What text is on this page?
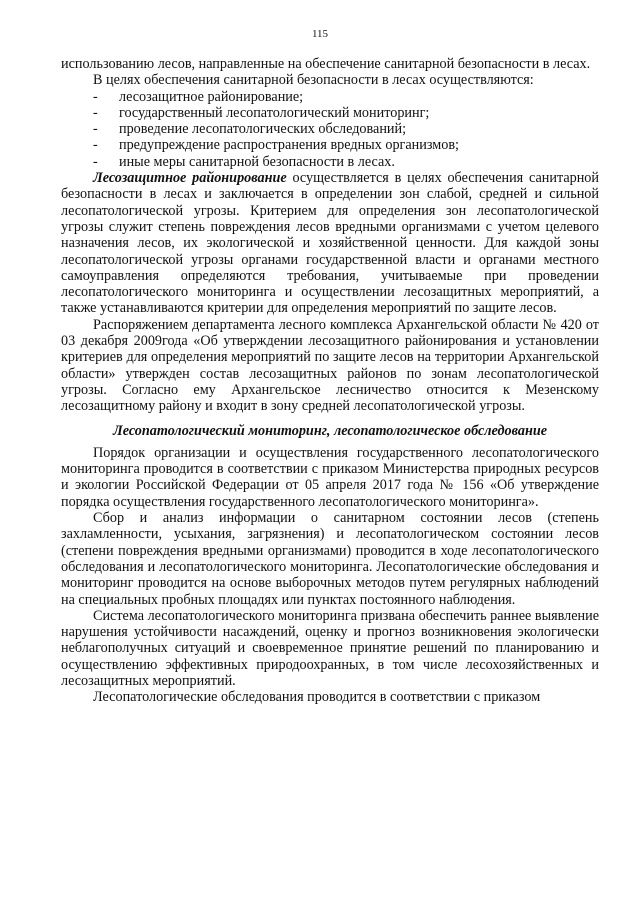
115

использованию лесов, направленные на обеспечение санитарной безопасности в лесах.

В целях обеспечения санитарной безопасности в лесах осуществляются:

-	лесозащитное районирование;
-	государственный лесопатологический мониторинг;
-	проведение лесопатологических обследований;
-	предупреждение распространения вредных организмов;
-	иные меры санитарной безопасности в лесах.

Лесозащитное районирование осуществляется в целях обеспечения санитарной безопасности в лесах и заключается в определении зон слабой, средней и сильной лесопатологической угрозы. Критерием для определения зон лесопатологической угрозы служит степень повреждения лесов вредными организмами с учетом целевого назначения лесов, их экологической и хозяйственной ценности. Для каждой зоны лесопатологической угрозы органами государственной власти и органами местного самоуправления определяются требования, учитываемые при проведении лесопатологического мониторинга и осуществлении лесозащитных мероприятий, а также устанавливаются критерии для определения мероприятий по защите лесов.

Распоряжением департамента лесного комплекса Архангельской области № 420 от 03 декабря 2009года «Об утверждении лесозащитного районирования и установлении критериев для определения мероприятий по защите лесов на территории Архангельской области» утвержден состав лесозащитных районов по зонам лесопатологической угрозы. Согласно ему Архангельское лесничество относится к Мезенскому лесозащитному району и входит в зону средней лесопатологической угрозы.

Лесопатологический мониторинг, лесопатологическое обследование

Порядок организации и осуществления государственного лесопатологического мониторинга проводится в соответствии с приказом Министерства природных ресурсов и экологии Российской Федерации от 05 апреля 2017 года № 156 «Об утверждение порядка осуществления государственного лесопатологического мониторинга».

Сбор и анализ информации о санитарном состоянии лесов (степень захламленности, усыхания, загрязнения) и лесопатологическом состоянии лесов (степени повреждения вредными организмами) проводится в ходе лесопатологического обследования и лесопатологического мониторинга. Лесопатологические обследования и мониторинг проводится на основе выборочных методов путем регулярных наблюдений на специальных пробных площадях или пунктах постоянного наблюдения.

Система лесопатологического мониторинга призвана обеспечить раннее выявление нарушения устойчивости насаждений, оценку и прогноз возникновения экологически неблагополучных ситуаций и своевременное принятие решений по планированию и осуществлению эффективных природоохранных, в том числе лесохозяйственных и лесозащитных мероприятий.

Лесопатологические обследования проводится в соответствии с приказом
